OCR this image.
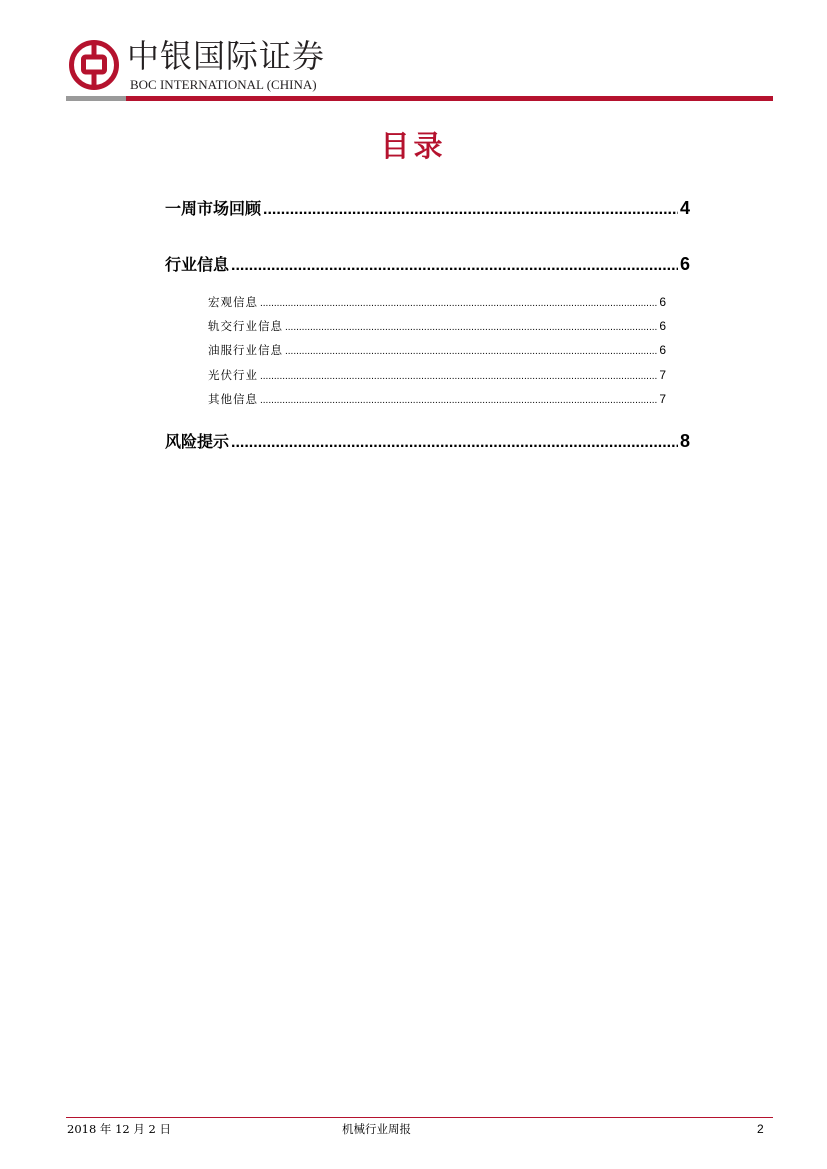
中银国际证券
BOC INTERNATIONAL (CHINA)
目录
一周市场回顾 .....	4
行业信息 .....	6
宏观信息 .....	6
轨交行业信息 .....	6
油服行业信息 .....	6
光伏行业 .....	7
其他信息 .....	7
风险提示 .....	8
2018 年 12 月 2 日	机械行业周报	2
